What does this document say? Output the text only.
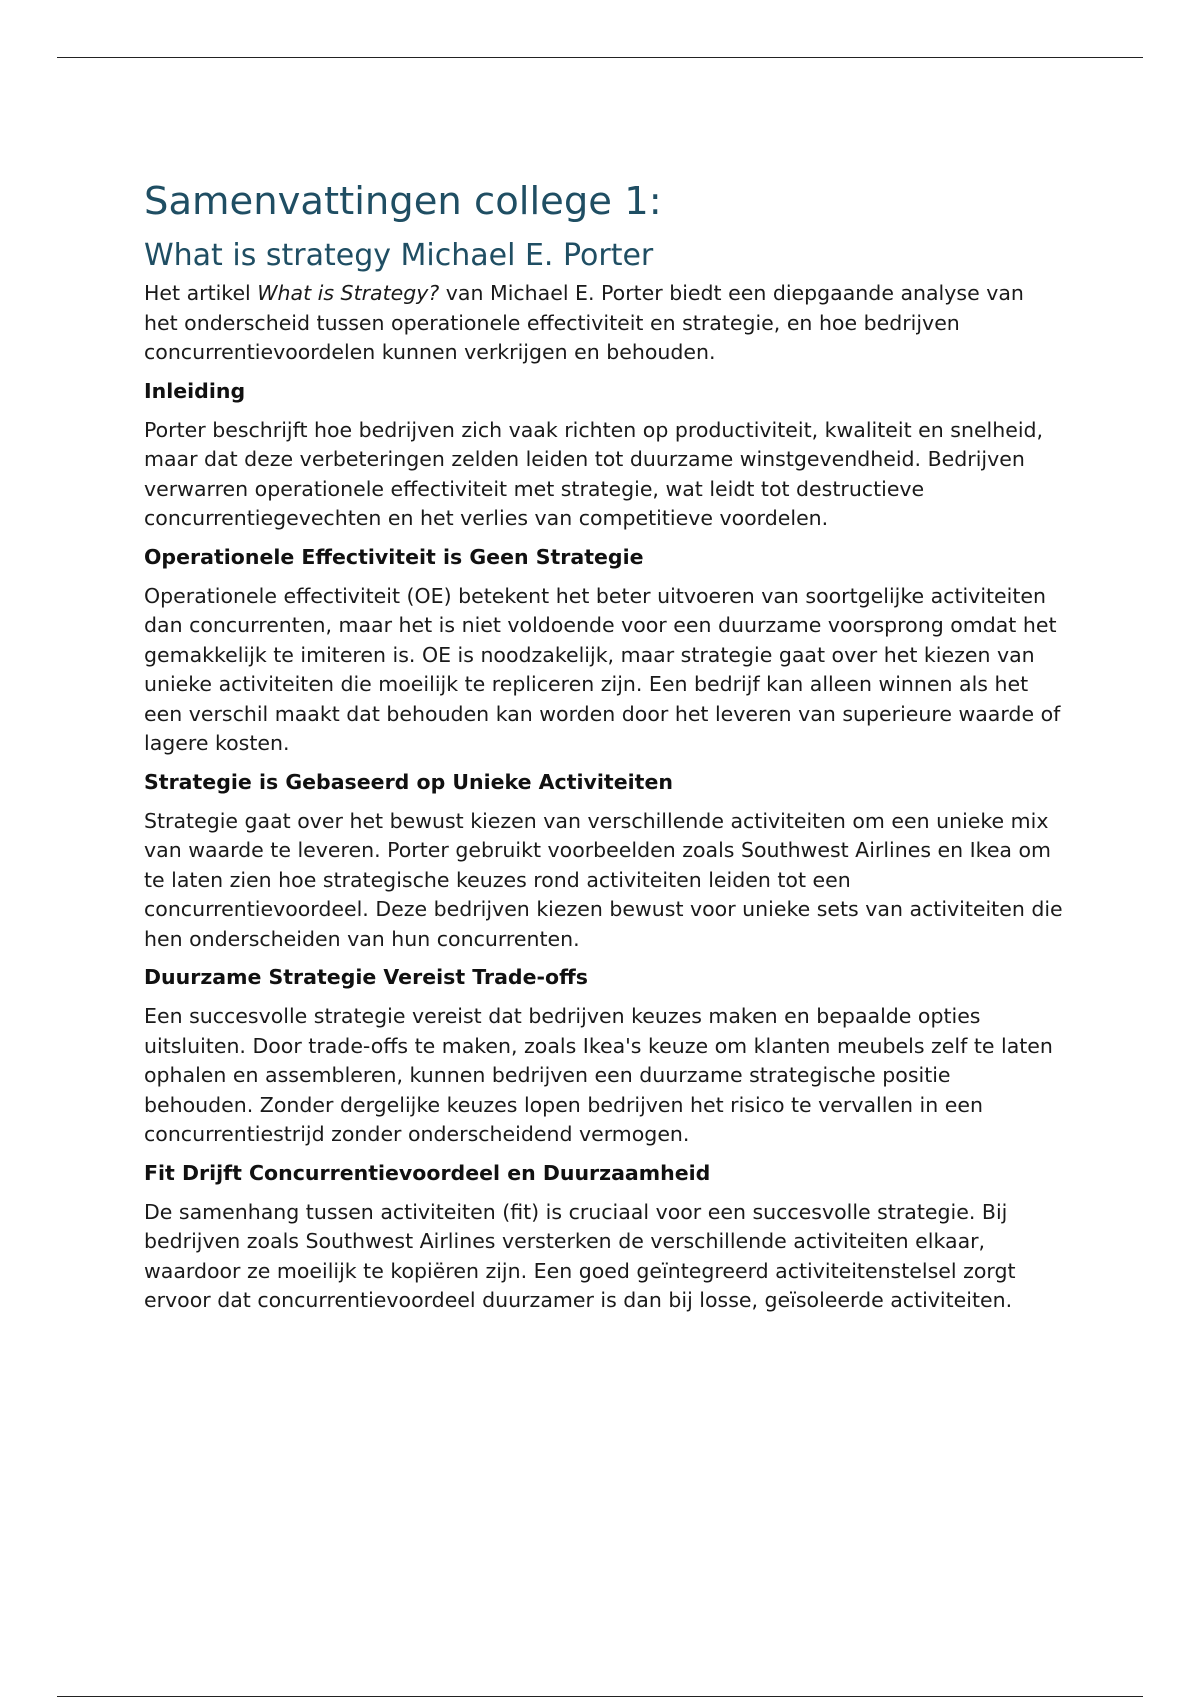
Samenvattingen college 1:
What is strategy Michael E. Porter

Het artikel What is Strategy? van Michael E. Porter biedt een diepgaande analyse van het onderscheid tussen operationele effectiviteit en strategie, en hoe bedrijven concurrentievoordelen kunnen verkrijgen en behouden.

Inleiding

Porter beschrijft hoe bedrijven zich vaak richten op productiviteit, kwaliteit en snelheid, maar dat deze verbeteringen zelden leiden tot duurzame winstgevendheid. Bedrijven verwarren operationele effectiviteit met strategie, wat leidt tot destructieve concurrentiegevechten en het verlies van competitieve voordelen.

Operationele Effectiviteit is Geen Strategie

Operationele effectiviteit (OE) betekent het beter uitvoeren van soortgelijke activiteiten dan concurrenten, maar het is niet voldoende voor een duurzame voorsprong omdat het gemakkelijk te imiteren is. OE is noodzakelijk, maar strategie gaat over het kiezen van unieke activiteiten die moeilijk te repliceren zijn. Een bedrijf kan alleen winnen als het een verschil maakt dat behouden kan worden door het leveren van superieure waarde of lagere kosten.

Strategie is Gebaseerd op Unieke Activiteiten

Strategie gaat over het bewust kiezen van verschillende activiteiten om een unieke mix van waarde te leveren. Porter gebruikt voorbeelden zoals Southwest Airlines en Ikea om te laten zien hoe strategische keuzes rond activiteiten leiden tot een concurrentievoordeel. Deze bedrijven kiezen bewust voor unieke sets van activiteiten die hen onderscheiden van hun concurrenten.

Duurzame Strategie Vereist Trade-offs

Een succesvolle strategie vereist dat bedrijven keuzes maken en bepaalde opties uitsluiten. Door trade-offs te maken, zoals Ikea's keuze om klanten meubels zelf te laten ophalen en assembleren, kunnen bedrijven een duurzame strategische positie behouden. Zonder dergelijke keuzes lopen bedrijven het risico te vervallen in een concurrentiestrijd zonder onderscheidend vermogen.

Fit Drijft Concurrentievoordeel en Duurzaamheid

De samenhang tussen activiteiten (fit) is cruciaal voor een succesvolle strategie. Bij bedrijven zoals Southwest Airlines versterken de verschillende activiteiten elkaar, waardoor ze moeilijk te kopiëren zijn. Een goed geïntegreerd activiteitenstelsel zorgt ervoor dat concurrentievoordeel duurzamer is dan bij losse, geïsoleerde activiteiten.
